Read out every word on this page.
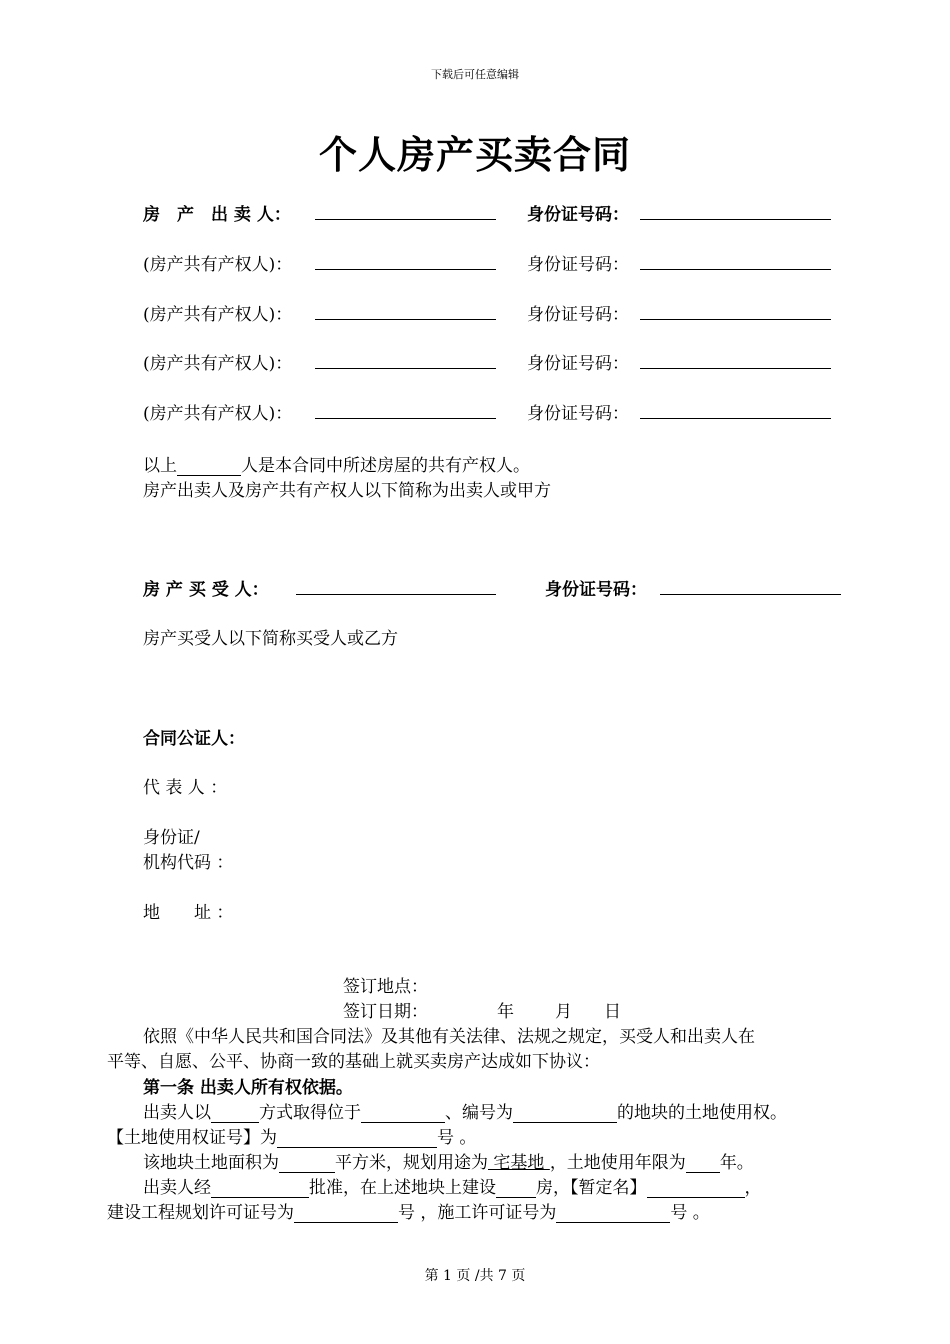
下载后可任意编辑
个人房产买卖合同
房　产　出 卖 人：	身份证号码：
(房产共有产权人)：	身份证号码：
(房产共有产权人)：	身份证号码：
(房产共有产权人)：	身份证号码：
(房产共有产权人)：	身份证号码：
以上	人是本合同中所述房屋的共有产权人。
房产出卖人及房产共有产权人以下简称为出卖人或甲方
房 产 买 受 人：	身份证号码：
房产买受人以下简称买受人或乙方
合同公证人：
代 表 人 ：
身份证/
机构代码 ：
地　　址 ：
签订地点：
签订日期：	年 月 日
依照《中华人民共和国合同法》及其他有关法律、法规之规定，买受人和出卖人在
平等、自愿、公平、协商一致的基础上就买卖房产达成如下协议：
第一条 出卖人所有权依据。
出卖人以	方式取得位于	、编号为	的地块的土地使用权。
【土地使用权证号】为	号 。
该地块土地面积为	平方米，规划用途为 宅基地 ，土地使用年限为 年。
出卖人经	批准，在上述地块上建设 房，【暂定名】	，
建设工程规划许可证号为	号 ，施工许可证号为	号 。
第 1 页 /共 7 页
